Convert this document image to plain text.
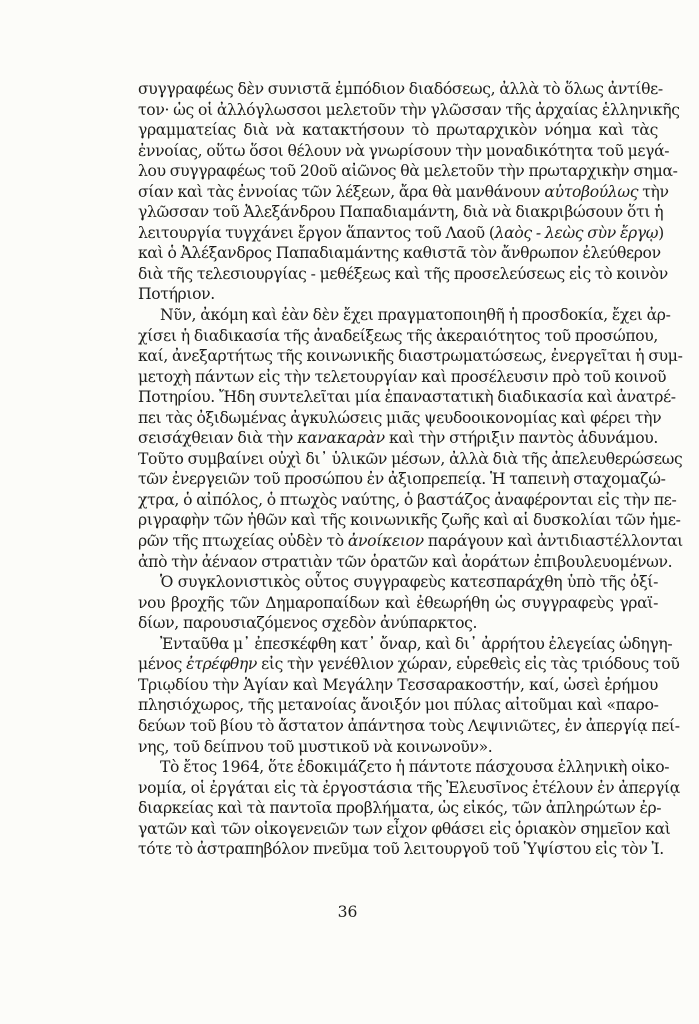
συγγραφέως δὲν συνιστᾶ ἐμπόδιον διαδόσεως, ἀλλὰ τὸ ὅλως ἀντίθε-
τον· ὡς οἱ ἀλλόγλωσσοι μελετοῦν τὴν γλῶσσαν τῆς ἀρχαίας ἑλληνικῆς
γραμματείας διὰ νὰ κατακτήσουν τὸ πρωταρχικὸν νόημα καὶ τὰς
ἐννοίας, οὕτω ὅσοι θέλουν νὰ γνωρίσουν τὴν μοναδικότητα τοῦ μεγά-
λου συγγραφέως τοῦ 20οῦ αἰῶνος θὰ μελετοῦν τὴν πρωταρχικὴν σημα-
σίαν καὶ τὰς ἐννοίας τῶν λέξεων, ἄρα θὰ μανθάνουν αὐτοβούλως τὴν
γλῶσσαν τοῦ Ἀλεξάνδρου Παπαδιαμάντη, διὰ νὰ διακριβώσουν ὅτι ἡ
λειτουργία τυγχάνει ἔργον ἅπαντος τοῦ Λαοῦ (λαὸς - λεὼς σὺν ἔργῳ)
καὶ ὁ Ἀλέξανδρος Παπαδιαμάντης καθιστᾶ τὸν ἄνθρωπον ἐλεύθερον
διὰ τῆς τελεσιουργίας - μεθέξεως καὶ τῆς προσελεύσεως εἰς τὸ κοινὸν
Ποτήριον.
Νῦν, ἀκόμη καὶ ἐὰν δὲν ἔχει πραγματοποιηθῆ ἡ προσδοκία, ἔχει ἀρ-
χίσει ἡ διαδικασία τῆς ἀναδείξεως τῆς ἀκεραιότητος τοῦ προσώπου,
καί, ἀνεξαρτήτως τῆς κοινωνικῆς διαστρωματώσεως, ἐνεργεῖται ἡ συμ-
μετοχὴ πάντων εἰς τὴν τελετουργίαν καὶ προσέλευσιν πρὸ τοῦ κοινοῦ
Ποτηρίου. Ἤδη συντελεῖται μία ἐπαναστατικὴ διαδικασία καὶ ἀνατρέ-
πει τὰς ὀξιδωμένας ἀγκυλώσεις μιᾶς ψευδοοικονομίας καὶ φέρει τὴν
σεισάχθειαν διὰ τὴν κανακαρὰν καὶ τὴν στήριξιν παντὸς ἀδυνάμου.
Τοῦτο συμβαίνει οὐχὶ δι᾽ ὑλικῶν μέσων, ἀλλὰ διὰ τῆς ἀπελευθερώσεως
τῶν ἐνεργειῶν τοῦ προσώπου ἐν ἀξιοπρεπείᾳ. Ἡ ταπεινὴ σταχομαζώ-
χτρα, ὁ αἰπόλος, ὁ πτωχὸς ναύτης, ὁ βαστάζος ἀναφέρονται εἰς τὴν πε-
ριγραφὴν τῶν ἠθῶν καὶ τῆς κοινωνικῆς ζωῆς καὶ αἱ δυσκολίαι τῶν ἡμε-
ρῶν τῆς πτωχείας οὐδὲν τὸ ἀνοίκειον παράγουν καὶ ἀντιδιαστέλλονται
ἀπὸ τὴν ἀέναον στρατιὰν τῶν ὁρατῶν καὶ ἀοράτων ἐπιβουλευομένων.
Ὁ συγκλονιστικὸς οὗτος συγγραφεὺς κατεσπαράχθη ὑπὸ τῆς ὀξί-
νου βροχῆς τῶν Δημαροπαίδων καὶ ἐθεωρήθη ὡς συγγραφεὺς γραϊ-
δίων, παρουσιαζόμενος σχεδὸν ἀνύπαρκτος.
Ἐνταῦθα μ᾽ ἐπεσκέφθη κατ᾽ ὄναρ, καὶ δι᾽ ἀρρήτου ἐλεγείας ὡδηγη-
μένος ἐτρέφθην εἰς τὴν γενέθλιον χώραν, εὑρεθεὶς εἰς τὰς τριόδους τοῦ
Τριῳδίου τὴν Ἁγίαν καὶ Μεγάλην Τεσσαρακοστήν, καί, ὡσεὶ ἐρήμου
πλησιόχωρος, τῆς μετανοίας ἄνοιξόν μοι πύλας αἰτοῦμαι καὶ «παρο-
δεύων τοῦ βίου τὸ ἄστατον ἀπάντησα τοὺς Λεψινιῶτες, ἐν ἀπεργίᾳ πεί-
νης, τοῦ δείπνου τοῦ μυστικοῦ νὰ κοινωνοῦν».
Τὸ ἔτος 1964, ὅτε ἐδοκιμάζετο ἡ πάντοτε πάσχουσα ἑλληνικὴ οἰκο-
νομία, οἱ ἐργάται εἰς τὰ ἐργοστάσια τῆς Ἐλευσῖνος ἐτέλουν ἐν ἀπεργίᾳ
διαρκείας καὶ τὰ παντοῖα προβλήματα, ὡς εἰκός, τῶν ἀπληρώτων ἐρ-
γατῶν καὶ τῶν οἰκογενειῶν των εἶχον φθάσει εἰς ὁριακὸν σημεῖον καὶ
τότε τὸ ἀστραπηβόλον πνεῦμα τοῦ λειτουργοῦ τοῦ Ὑψίστου εἰς τὸν Ἰ.
36
